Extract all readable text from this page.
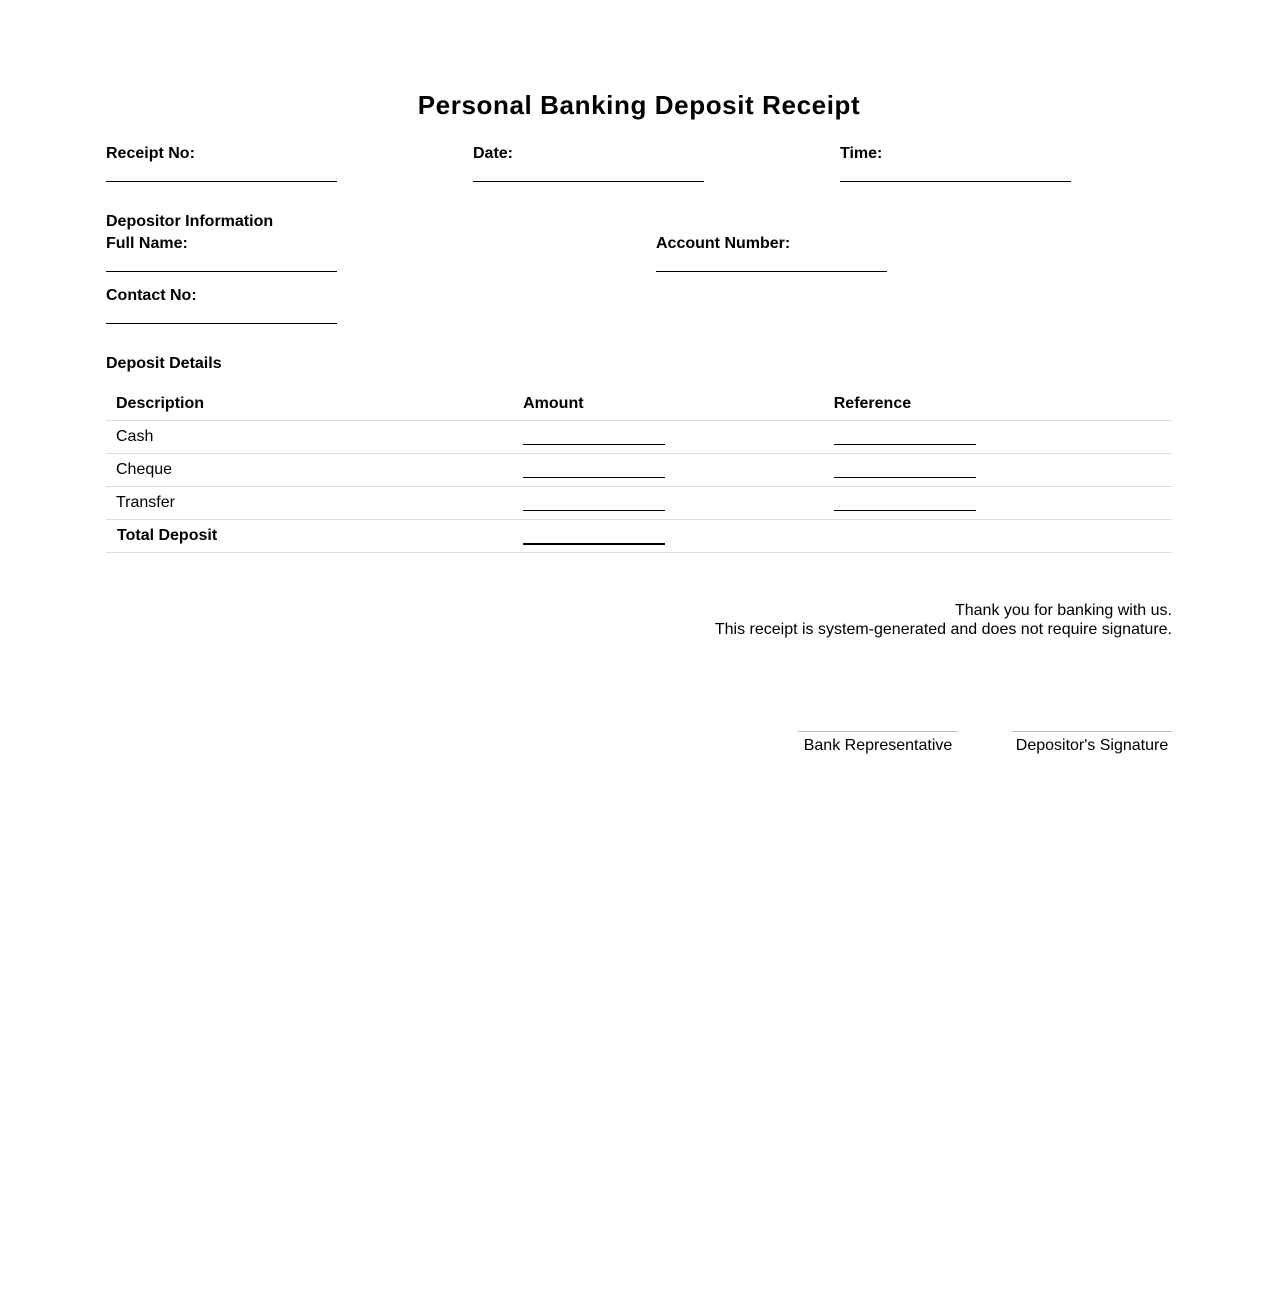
Personal Banking Deposit Receipt
Receipt No:	Date:	Time:
Depositor Information
Full Name:	Account Number:
Contact No:
Deposit Details
Description	Amount	Reference
Cash		
Cheque		
Transfer		
Total Deposit		
Thank you for banking with us.
This receipt is system-generated and does not require signature.
Bank Representative	Depositor's Signature
